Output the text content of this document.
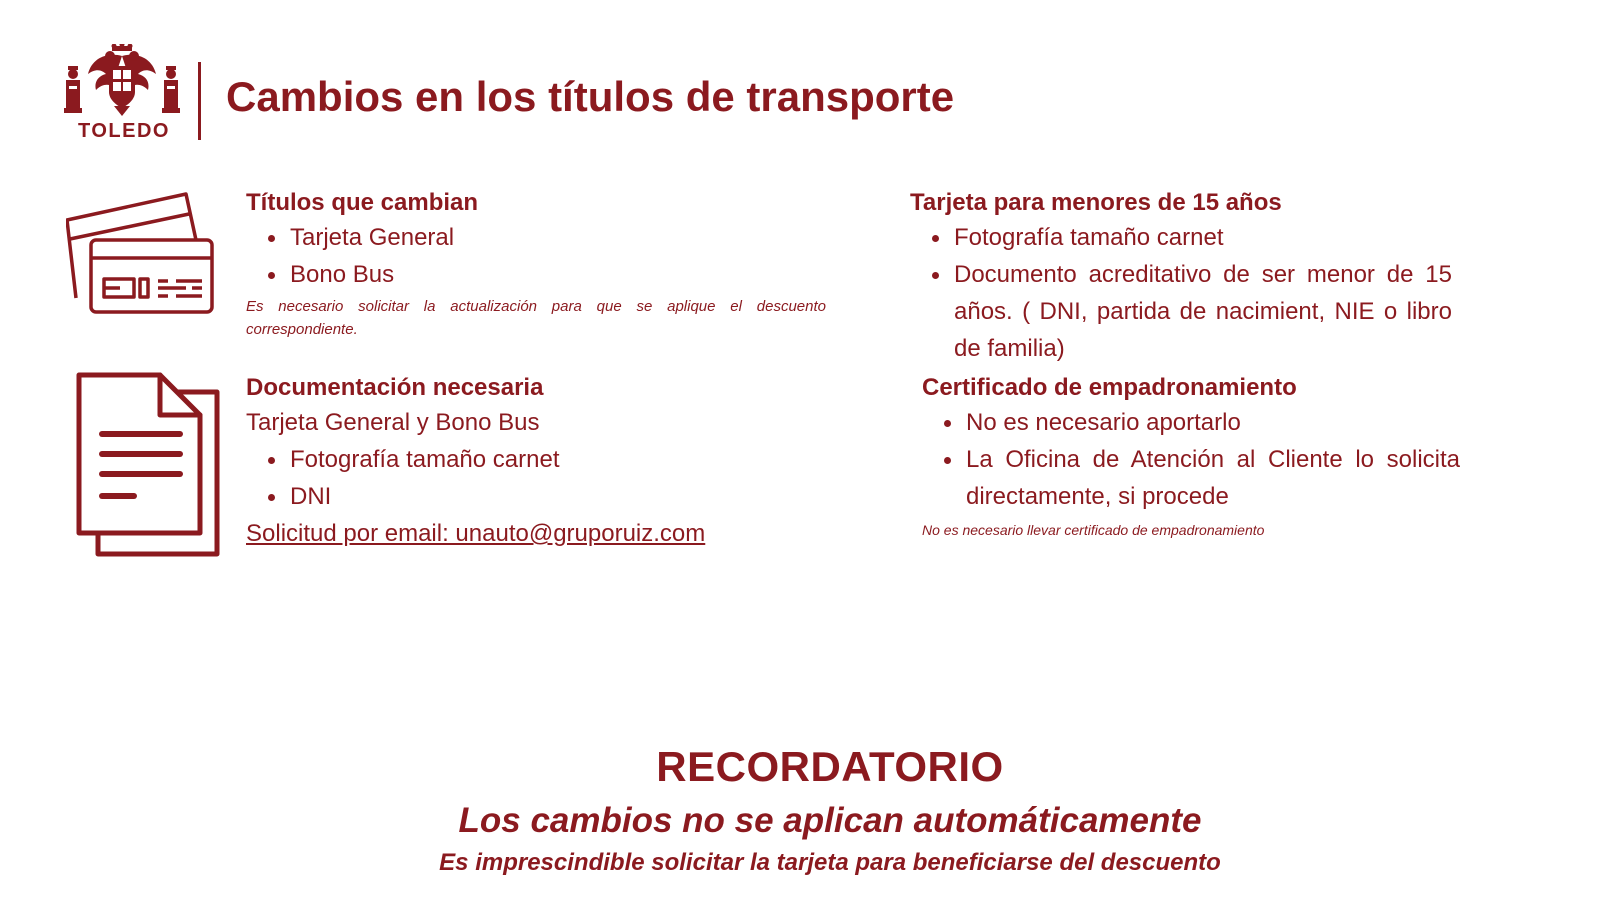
TOLEDO
Cambios en los títulos de transporte
Títulos que cambian
Tarjeta General
Bono Bus
Es necesario solicitar la actualización para que se aplique el descuento correspondiente.
Documentación necesaria
Tarjeta General y Bono Bus
Fotografía tamaño carnet
DNI
Solicitud por email: unauto@gruporuiz.com
Tarjeta para menores de 15 años
Fotografía tamaño carnet
Documento acreditativo de ser menor de 15 años. ( DNI, partida de nacimient, NIE o libro de familia)
Certificado de empadronamiento
No es necesario aportarlo
La Oficina de Atención al Cliente lo solicita directamente, si procede
No es necesario llevar certificado de empadronamiento
RECORDATORIO

Los cambios no se aplican automáticamente

Es imprescindible solicitar la tarjeta para beneficiarse del descuento
